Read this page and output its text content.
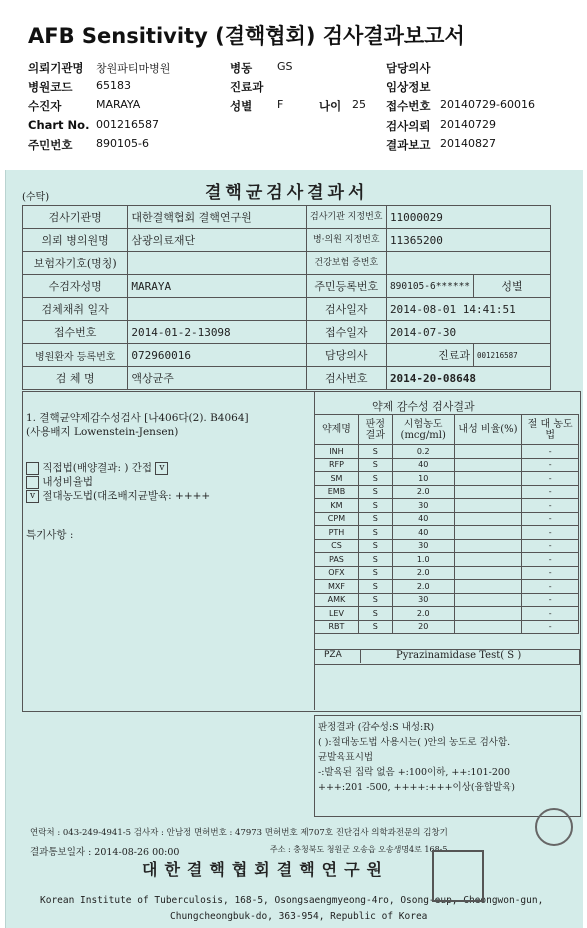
AFB Sensitivity (결핵협회) 검사결과보고서
의뢰기관명 창원파티마병원	병동 GS	담당의사
병원코드 65183	진료과	임상정보
수진자	MARAYA	성별 F	나이 25 접수번호 20140729-60016
Chart No. 001216587	검사의뢰 20140729
주민번호 890105-6	결과보고 20140827
(수탁)	결핵균검사결과서
검사기관명	대한결핵협회 결핵연구원	검사기관 지정번호	11000029	
의뢰 병의원명	삼광의료재단	병·의원 지정번호	11365200	
보험자기호(명칭)		건강보험 증번호		
수검자성명	MARAYA	주민등록번호	890105-6******	성별
검체채취 일자		검사일자	2014-08-01 14:41:51	
접수번호	2014-01-2-13098	접수일자	2014-07-30	
병원환자 등록번호	072960016	담당의사	진료과	001216587
검 체 명	액상균주	검사번호	2014-20-08648	
1. 결핵균약제감수성검사 [나406다(2). B4064]
(사용배지 Lowenstein-Jensen)
직접법(배양결과: ) 간접 v
내성비율법
v 절대농도법(대조배지균발육: ++++
특기사항 :
약제 감수성 검사결과
약제명	판정 결과	시험농도 (mcg/ml)	내성 비율(%)	절 대 농도법
INH	S	0.2		-
RFP	S	40		-
SM	S	10		-
EMB	S	2.0		-
KM	S	30		-
CPM	S	40		-
PTH	S	40		-
CS	S	30		-
PAS	S	1.0		-
OFX	S	2.0		-
MXF	S	2.0		-
AMK	S	30		-
LEV	S	2.0		-
RBT	S	20		-
PZA	Pyrazinamidase Test( S )
판정결과 (감수성:S 내성:R)
( ):절대농도법 사용시는( )안의 농도로 검사함.
균발육표시법
-:발육된 집락 없음 +:100이하, ++:101-200
+++:201 -500, ++++:+++이상(융합발육)
연락처 : 043-249-4941-5 검사자 : 안남정 면허번호 : 47973 면허번호 제707호 진단검사 의학과전문의 김창기
결과통보일자 : 2014-08-26 00:00	주소 : 충청북도 청원군 오송읍 오송생명4로 168-5
대한결핵협회결핵연구원
Korean Institute of Tuberculosis, 168-5, Osongsaengmyeong-4ro, Osong-eup, Cheongwon-gun,
Chungcheongbuk-do, 363-954, Republic of Korea
